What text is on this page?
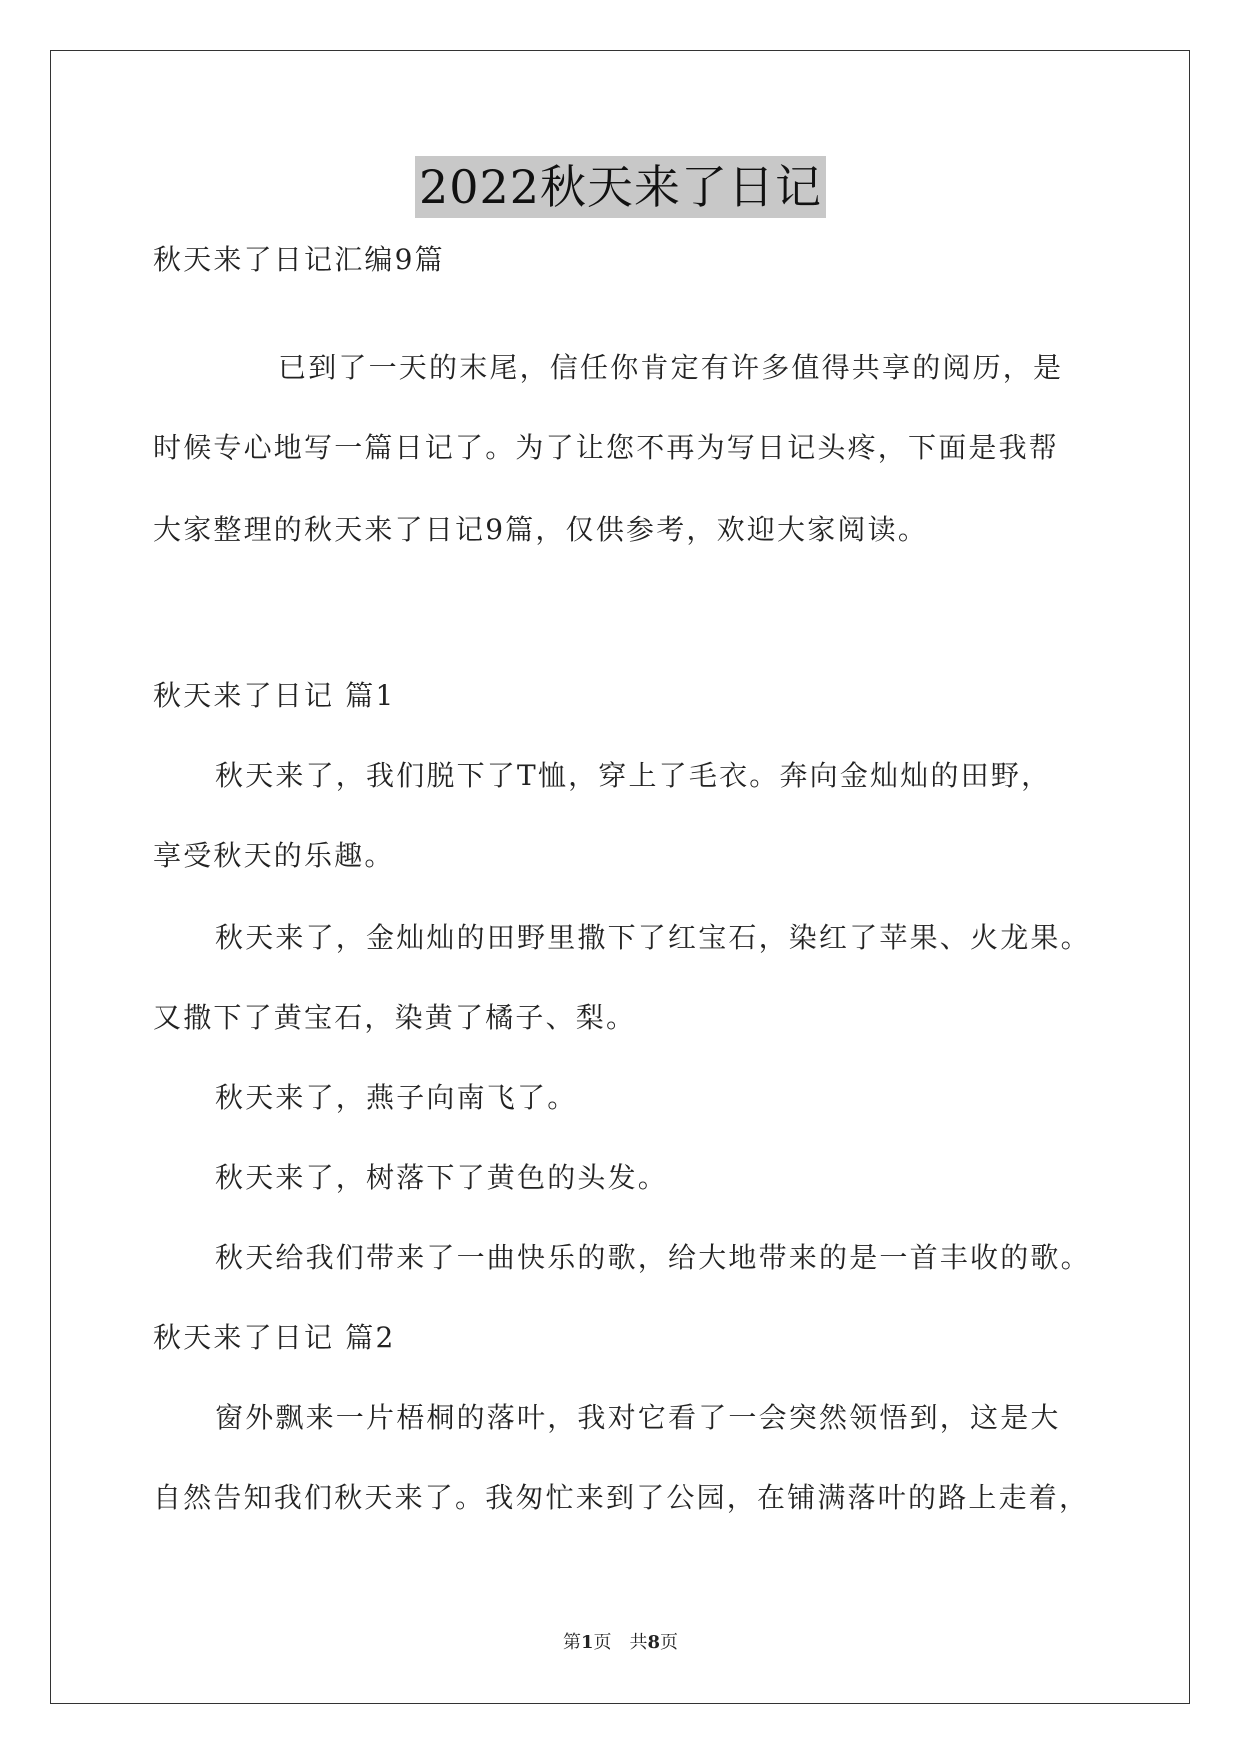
2022秋天来了日记
秋天来了日记汇编9篇
已到了一天的末尾，信任你肯定有许多值得共享的阅历，是
时候专心地写一篇日记了。为了让您不再为写日记头疼，下面是我帮
大家整理的秋天来了日记9篇，仅供参考，欢迎大家阅读。
秋天来了日记 篇1
秋天来了，我们脱下了T恤，穿上了毛衣。奔向金灿灿的田野，
享受秋天的乐趣。
秋天来了，金灿灿的田野里撒下了红宝石，染红了苹果、火龙果。
又撒下了黄宝石，染黄了橘子、梨。
秋天来了，燕子向南飞了。
秋天来了，树落下了黄色的头发。
秋天给我们带来了一曲快乐的歌，给大地带来的是一首丰收的歌。
秋天来了日记 篇2
窗外飘来一片梧桐的落叶，我对它看了一会突然领悟到，这是大
自然告知我们秋天来了。我匆忙来到了公园，在铺满落叶的路上走着，
第1页　共8页
